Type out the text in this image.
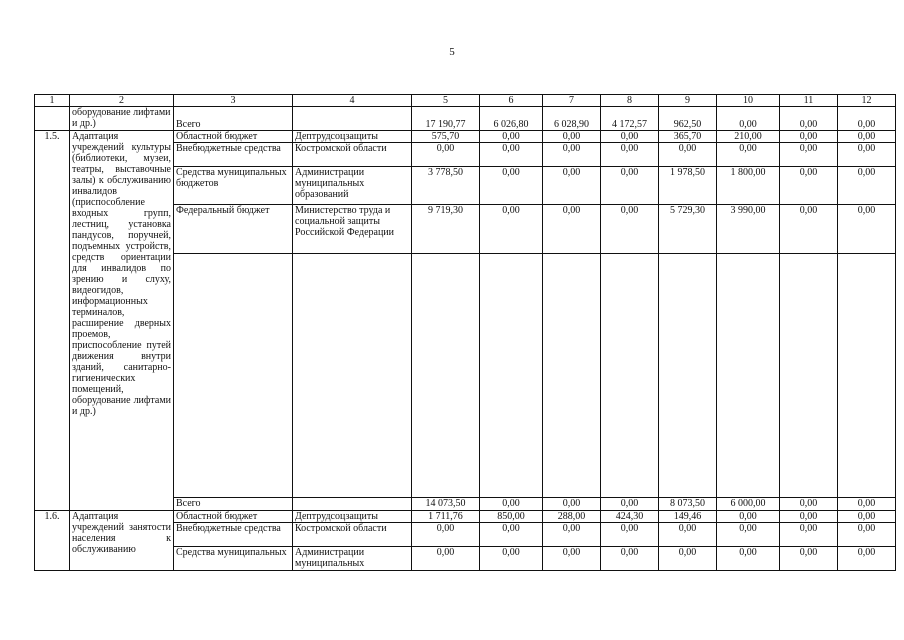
5
1	2	3	4	5	6	7	8	9	10	11	12
	оборудование лифтами и др.)	Всего		17 190,77	6 026,80	6 028,90	4 172,57	962,50	0,00	0,00	0,00
1.5.	Адаптация учреждений культуры (библиотеки, музеи, театры, выставочные залы) к обслуживанию инвалидов (приспособление входных групп, лестниц, установка пандусов, поручней, подъемных устройств, средств ориентации для инвалидов по зрению и слуху, видеогидов, информационных терминалов, расширение дверных проемов, приспособление путей движения внутри зданий, санитарно-гигиенических помещений, оборудование лифтами и др.)	Областной бюджет	Дептрудсоцзащиты	575,70	0,00	0,00	0,00	365,70	210,00	0,00	0,00
		Внебюджетные средства	Костромской области	0,00	0,00	0,00	0,00	0,00	0,00	0,00	0,00
		Средства муниципальных бюджетов	Администрации муниципальных образований	3 778,50	0,00	0,00	0,00	1 978,50	1 800,00	0,00	0,00
		Федеральный бюджет	Министерство труда и социальной защиты Российской Федерации	9 719,30	0,00	0,00	0,00	5 729,30	3 990,00	0,00	0,00

		Всего		14 073,50	0,00	0,00	0,00	8 073,50	6 000,00	0,00	0,00
1.6.	Адаптация учреждений занятости населения к обслуживанию	Областной бюджет	Дептрудсоцзащиты	1 711,76	850,00	288,00	424,30	149,46	0,00	0,00	0,00
		Внебюджетные средства	Костромской области	0,00	0,00	0,00	0,00	0,00	0,00	0,00	0,00
		Средства муниципальных	Администрации муниципальных	0,00	0,00	0,00	0,00	0,00	0,00	0,00	0,00
